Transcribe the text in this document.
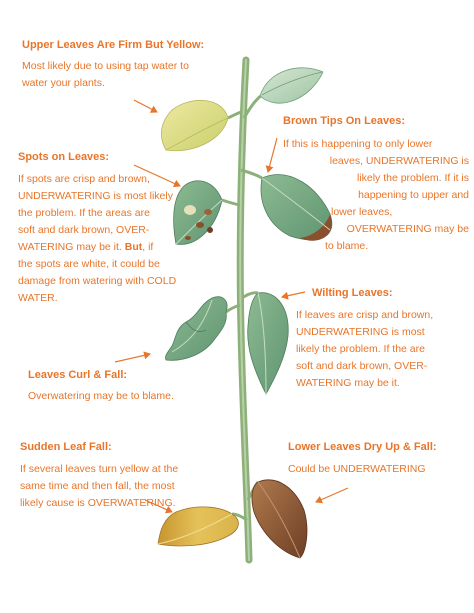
Upper Leaves Are Firm But Yellow:
Most likely due to using tap water to
water your plants.
Spots on Leaves:
If spots are crisp and brown,
UNDERWATERING is most likely
the problem. If the areas are
soft and dark brown, OVER-
WATERING may be it. But, if
the spots are white, it could be
damage from watering with COLD
WATER.
Brown Tips On Leaves:
If this is happening to only lower
leaves, UNDERWATERING is
likely the problem. If it is
happening to upper and
lower leaves,
OVERWATERING may be
to blame.
Wilting Leaves:
If leaves are crisp and brown,
UNDERWATERING is most
likely the problem. If the are
soft and dark brown, OVER-
WATERING may be it.
Leaves Curl & Fall:
Overwatering may be to blame.
Sudden Leaf Fall:
If several leaves turn yellow at the
same time and then fall, the most
likely cause is OVERWATERING.
Lower Leaves Dry Up & Fall:
Could be UNDERWATERING
